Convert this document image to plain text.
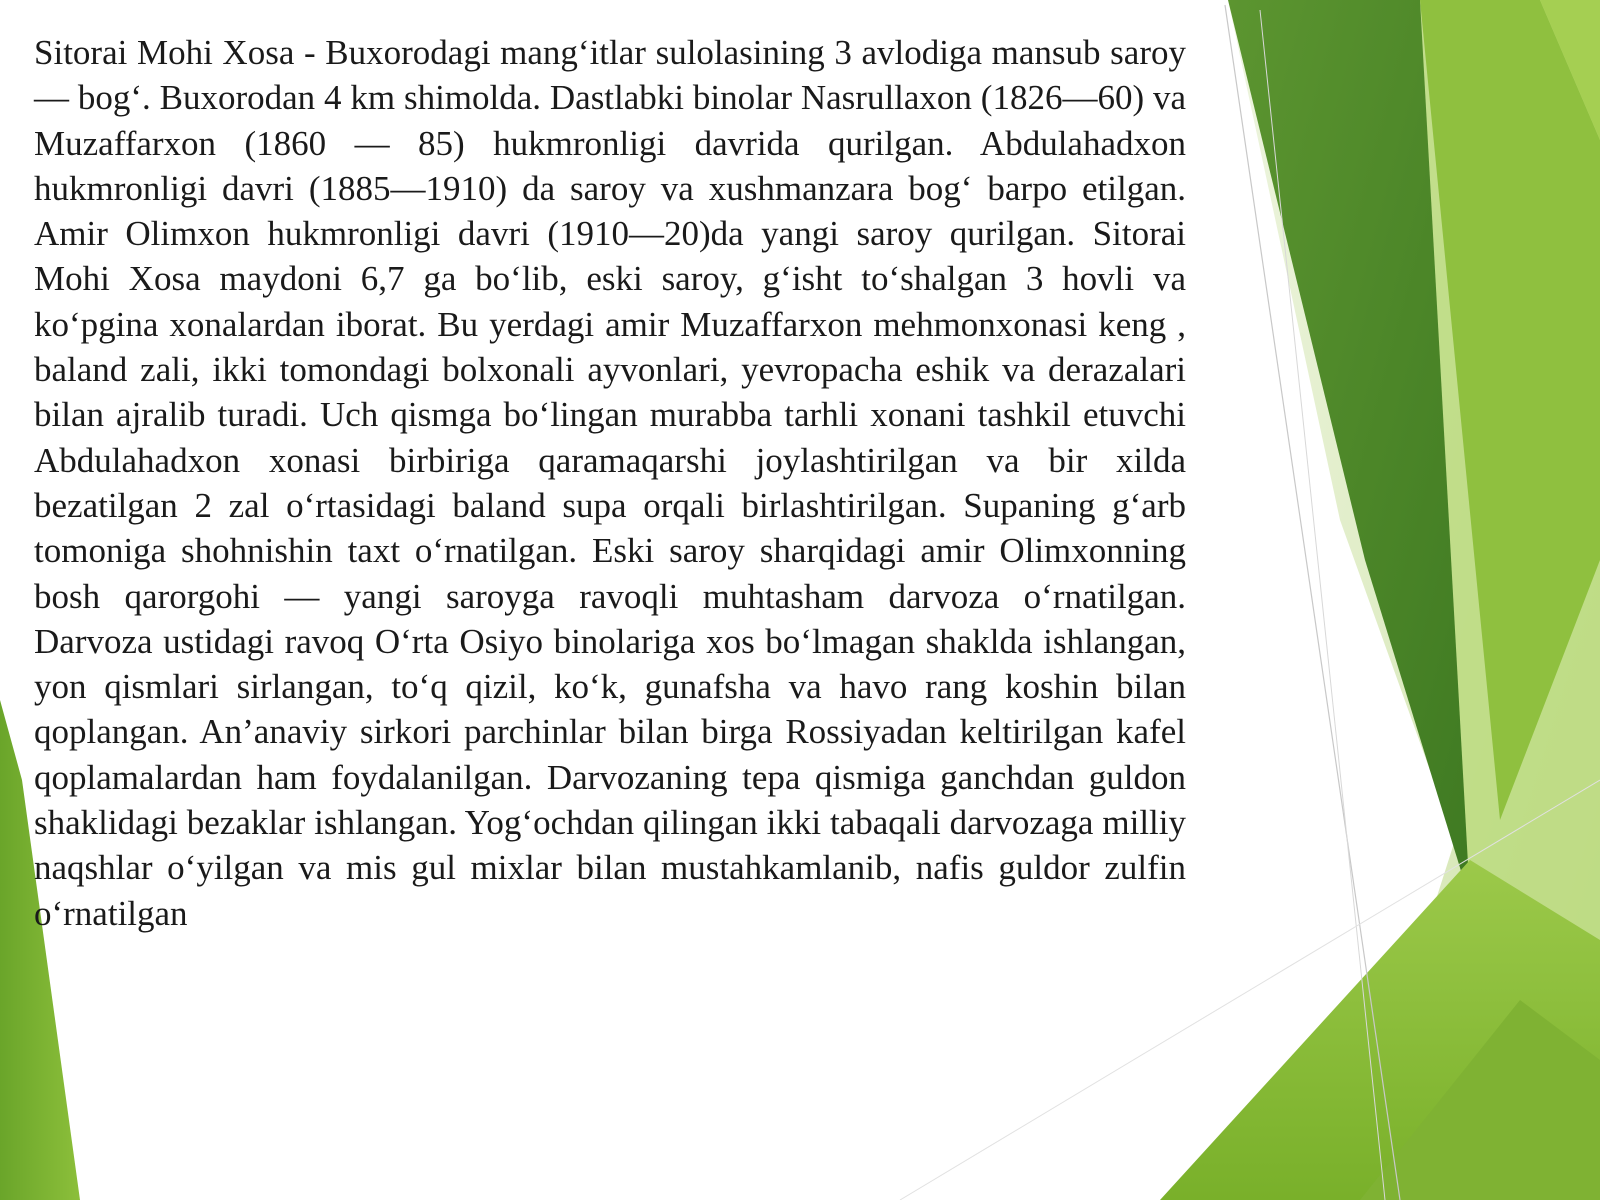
Sitorai Mohi Xosa - Buxorodagi mang‘itlar sulolasining 3 avlodiga mansub saroy — bog‘. Buxorodan 4 km shimolda. Dastlabki binolar Nasrullaxon (1826—60) va Muzaffarxon (1860 — 85) hukmronligi davrida qurilgan. Abdulahadxon hukmronligi davri (1885—1910) da saroy va xushmanzara bog‘ barpo etilgan. Amir Olimxon hukmronligi davri (1910—20)da yangi saroy qurilgan. Sitorai Mohi Xosa maydoni 6,7 ga bo‘lib, eski saroy, g‘isht to‘shalgan 3 hovli va ko‘pgina xonalardan iborat. Bu yerdagi amir Muzaffarxon mehmonxonasi keng , baland zali, ikki tomondagi bolxonali ayvonlari, yevropacha eshik va derazalari bilan ajralib turadi. Uch qismga bo‘lingan murabba tarhli xonani tashkil etuvchi Abdulahadxon xonasi birbiriga qaramaqarshi joylashtirilgan va bir xilda bezatilgan 2 zal o‘rtasidagi baland supa orqali birlashtirilgan. Supaning g‘arb tomoniga shohnishin taxt o‘rnatilgan. Eski saroy sharqidagi amir Olimxonning bosh qarorgohi — yangi saroyga ravoqli muhtasham darvoza o‘rnatilgan. Darvoza ustidagi ravoq O‘rta Osiyo binolariga xos bo‘lmagan shaklda ishlangan, yon qismlari sirlangan, to‘q qizil, ko‘k, gunafsha va havo rang koshin bilan qoplangan. An’anaviy sirkori parchinlar bilan birga Rossiyadan keltirilgan kafel qoplamalardan ham foydalanilgan. Darvozaning tepa qismiga ganchdan guldon shaklidagi bezaklar ishlangan. Yog‘ochdan qilingan ikki tabaqali darvozaga milliy naqshlar o‘yilgan va mis gul mixlar bilan mustahkamlanib, nafis guldor zulfin o‘rnatilgan
